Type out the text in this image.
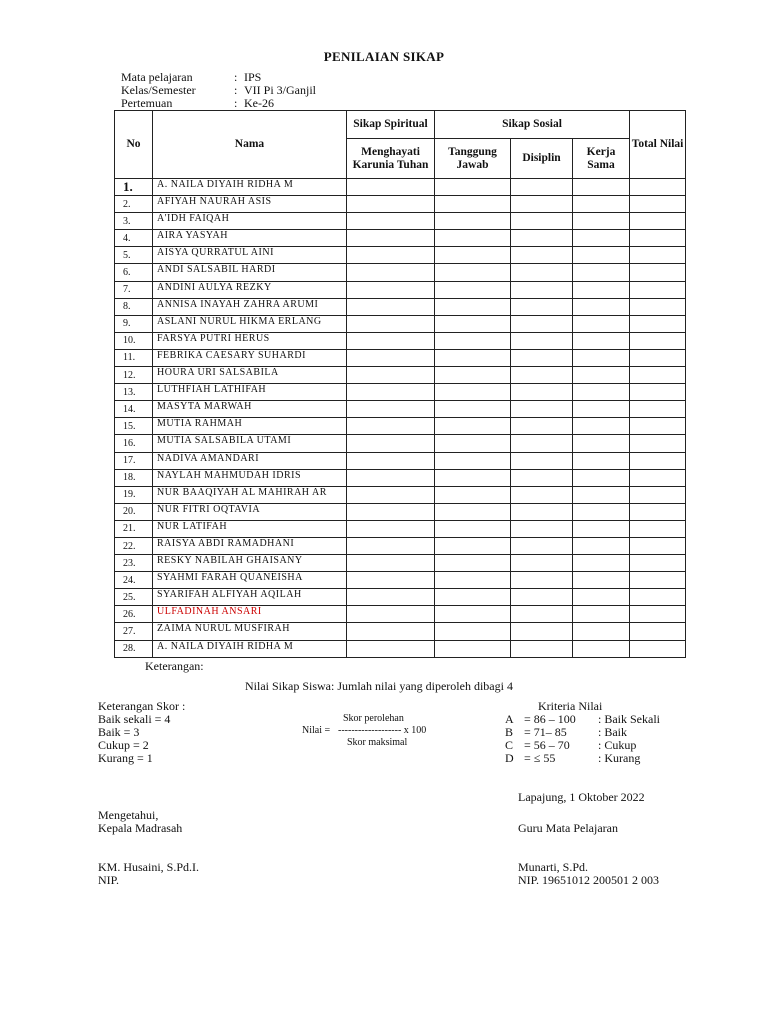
PENILAIAN SIKAP
Mata pelajaran	: IPS
Kelas/Semester	: VII Pi 3/Ganjil
Pertemuan	: Ke-26
No	Nama	Sikap Spiritual	Sikap Sosial			Total Nilai
		Menghayati Karunia Tuhan	Tanggung Jawab	Disiplin	Kerja Sama	
1.	A. NAILA DIYAIH RIDHA M					
2.	AFIYAH NAURAH ASIS					
3.	A'IDH FAIQAH					
4.	AIRA YASYAH					
5.	AISYA QURRATUL AINI					
6.	ANDI SALSABIL HARDI					
7.	ANDINI AULYA REZKY					
8.	ANNISA INAYAH ZAHRA ARUMI					
9.	ASLANI NURUL HIKMA ERLANG					
10.	FARSYA PUTRI HERUS					
11.	FEBRIKA CAESARY SUHARDI					
12.	HOURA URI SALSABILA					
13.	LUTHFIAH LATHIFAH					
14.	MASYTA MARWAH					
15.	MUTIA RAHMAH					
16.	MUTIA SALSABILA UTAMI					
17.	NADIVA AMANDARI					
18.	NAYLAH MAHMUDAH IDRIS					
19.	NUR BAAQIYAH AL MAHIRAH AR					
20.	NUR FITRI OQTAVIA					
21.	NUR LATIFAH					
22.	RAISYA ABDI RAMADHANI					
23.	RESKY NABILAH GHAISANY					
24.	SYAHMI FARAH QUANEISHA					
25.	SYARIFAH ALFIYAH AQILAH					
26.	ULFADINAH ANSARI					
27.	ZAIMA NURUL MUSFIRAH					
28.	A. NAILA DIYAIH RIDHA M					
Keterangan:
Nilai Sikap Siswa: Jumlah nilai yang diperoleh dibagi 4
Keterangan Skor :
Baik sekali = 4
Baik = 3
Cukup = 2
Kurang = 1
Skor perolehan
Nilai = ------------------- x 100
Skor maksimal
Kriteria Nilai
A = 86 – 100 : Baik Sekali
B = 71– 85	: Baik
C = 56 – 70 : Cukup
D = ≤ 55	: Kurang
Lapajung, 1 Oktober 2022
Mengetahui,
Kepala Madrasah	Guru Mata Pelajaran
KM. Husaini, S.Pd.I.
NIP.
Munarti, S.Pd.
NIP. 19651012 200501 2 003
